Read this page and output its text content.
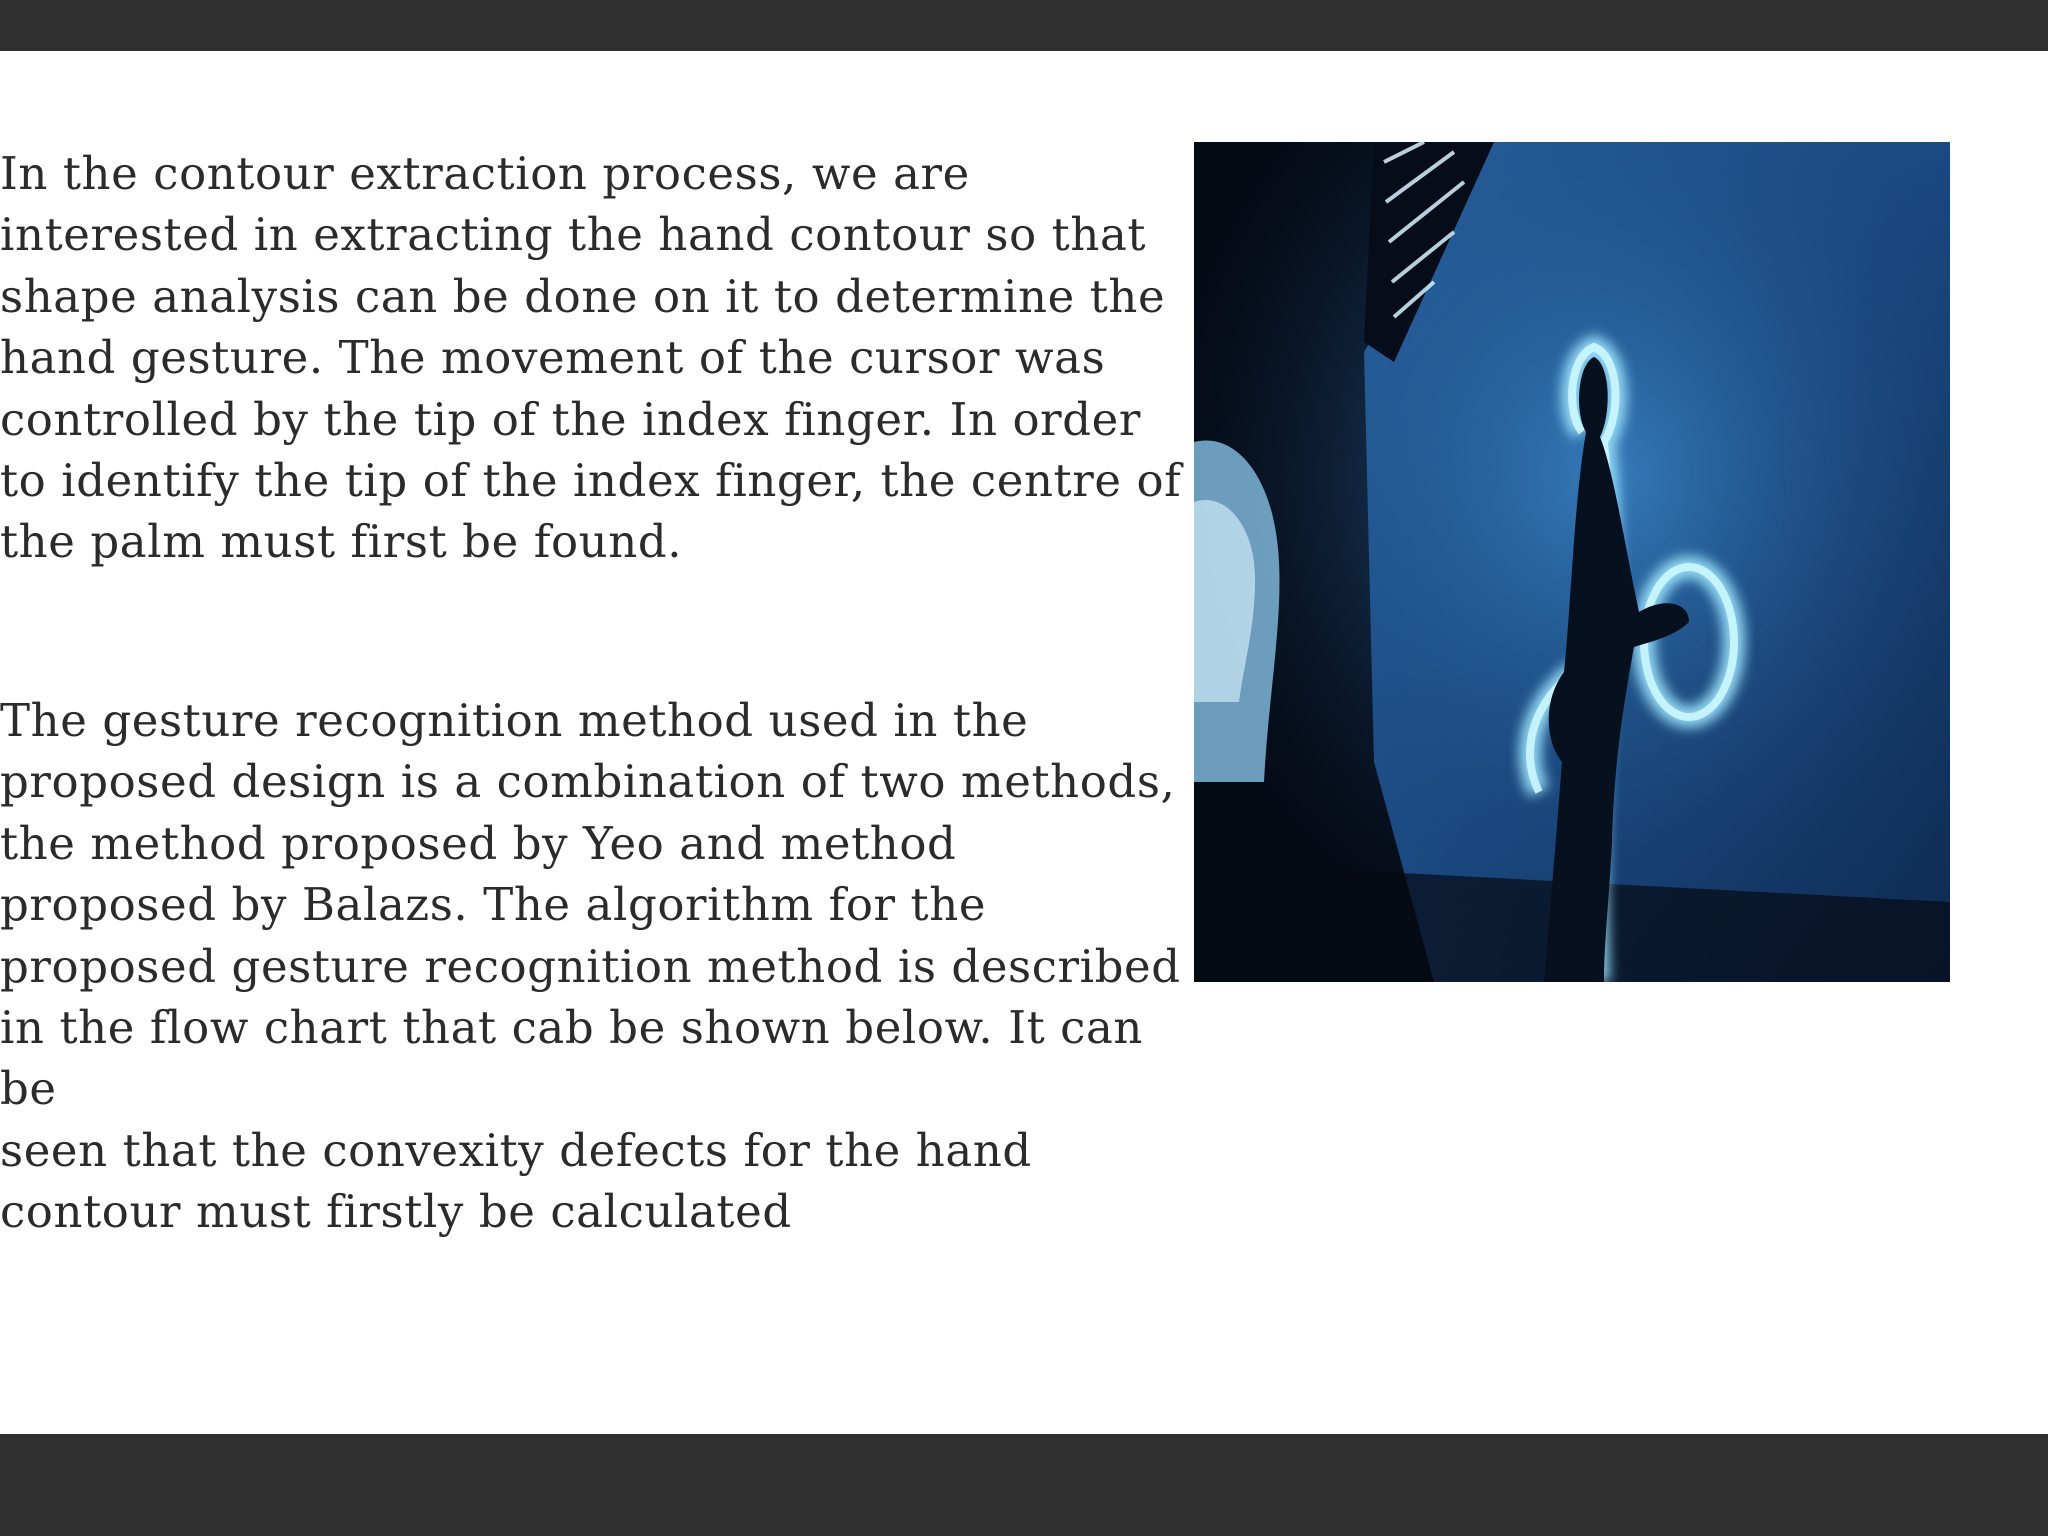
In the contour extraction process, we are
interested in extracting the hand contour so that
shape analysis can be done on it to determine the
hand gesture. The movement of the cursor was
controlled by the tip of the index finger. In order
to identify the tip of the index finger, the centre of
the palm must first be found.

The gesture recognition method used in the
proposed design is a combination of two methods,
the method proposed by Yeo and method
proposed by Balazs. The algorithm for the
proposed gesture recognition method is described
in the flow chart that cab be shown below. It can be
seen that the convexity defects for the hand
contour must firstly be calculated
